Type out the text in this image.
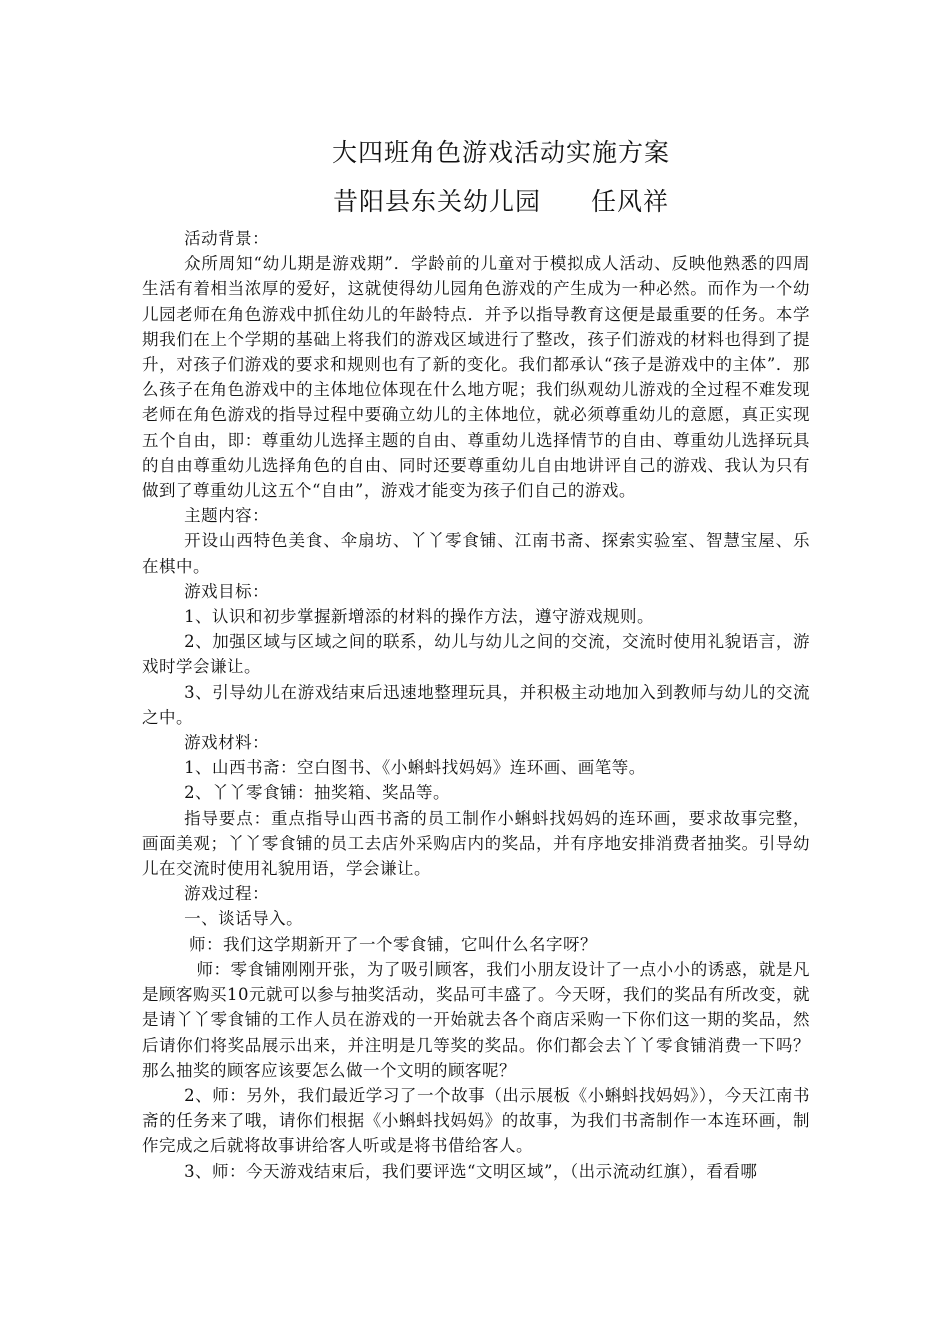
大四班角色游戏活动实施方案
昔阳县东关幼儿园 任风祥

活动背景：

众所周知“幼儿期是游戏期”．学龄前的儿童对于模拟成人活动、反映他熟悉的四周生活有着相当浓厚的爱好，这就使得幼儿园角色游戏的产生成为一种必然。而作为一个幼儿园老师在角色游戏中抓住幼儿的年龄特点．并予以指导教育这便是最重要的任务。本学期我们在上个学期的基础上将我们的游戏区域进行了整改，孩子们游戏的材料也得到了提升，对孩子们游戏的要求和规则也有了新的变化。我们都承认“孩子是游戏中的主体”．那么孩子在角色游戏中的主体地位体现在什么地方呢；我们纵观幼儿游戏的全过程不难发现老师在角色游戏的指导过程中要确立幼儿的主体地位，就必须尊重幼儿的意愿，真正实现五个自由，即：尊重幼儿选择主题的自由、尊重幼儿选择情节的自由、尊重幼儿选择玩具的自由尊重幼儿选择角色的自由、同时还要尊重幼儿自由地讲评自己的游戏、我认为只有做到了尊重幼儿这五个“自由”，游戏才能变为孩子们自己的游戏。

主题内容：

开设山西特色美食、伞扇坊、丫丫零食铺、江南书斋、探索实验室、智慧宝屋、乐在棋中。

游戏目标：

1、认识和初步掌握新增添的材料的操作方法，遵守游戏规则。

2、加强区域与区域之间的联系，幼儿与幼儿之间的交流，交流时使用礼貌语言，游戏时学会谦让。

3、引导幼儿在游戏结束后迅速地整理玩具，并积极主动地加入到教师与幼儿的交流之中。

游戏材料：

1、山西书斋：空白图书、《小蝌蚪找妈妈》连环画、画笔等。

2、丫丫零食铺：抽奖箱、奖品等。

指导要点：重点指导山西书斋的员工制作小蝌蚪找妈妈的连环画，要求故事完整，画面美观；丫丫零食铺的员工去店外采购店内的奖品，并有序地安排消费者抽奖。引导幼儿在交流时使用礼貌用语，学会谦让。

游戏过程：

一、谈话导入。

师：我们这学期新开了一个零食铺，它叫什么名字呀？

师：零食铺刚刚开张，为了吸引顾客，我们小朋友设计了一点小小的诱惑，就是凡是顾客购买10元就可以参与抽奖活动，奖品可丰盛了。今天呀，我们的奖品有所改变，就是请丫丫零食铺的工作人员在游戏的一开始就去各个商店采购一下你们这一期的奖品，然后请你们将奖品展示出来，并注明是几等奖的奖品。你们都会去丫丫零食铺消费一下吗？那么抽奖的顾客应该要怎么做一个文明的顾客呢？

2、师：另外，我们最近学习了一个故事（出示展板《小蝌蚪找妈妈》），今天江南书斋的任务来了哦，请你们根据《小蝌蚪找妈妈》的故事，为我们书斋制作一本连环画，制作完成之后就将故事讲给客人听或是将书借给客人。

3、师：今天游戏结束后，我们要评选“文明区域”，（出示流动红旗），看看哪
